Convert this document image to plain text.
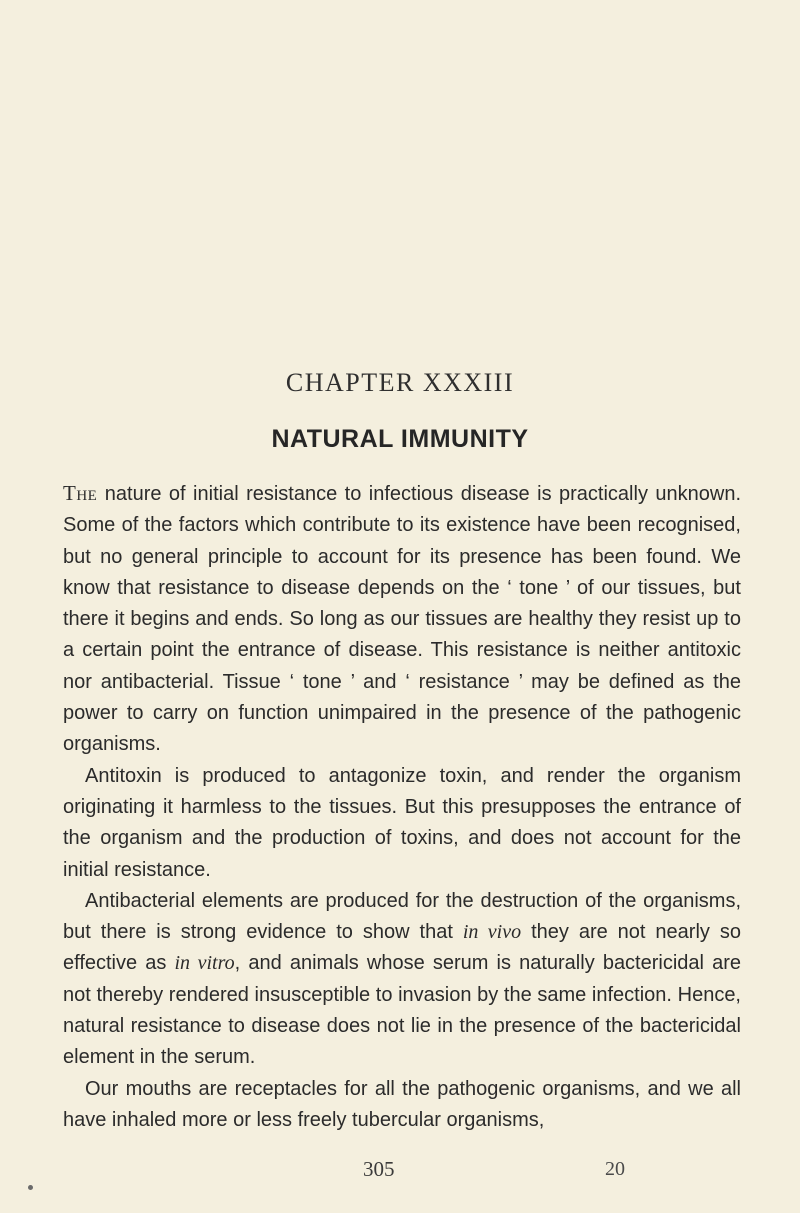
CHAPTER XXXIII
NATURAL IMMUNITY

The nature of initial resistance to infectious disease is practically unknown. Some of the factors which contribute to its existence have been recognised, but no general principle to account for its presence has been found. We know that resistance to disease depends on the ‘ tone ’ of our tissues, but there it begins and ends. So long as our tissues are healthy they resist up to a certain point the entrance of disease. This resistance is neither antitoxic nor antibacterial. Tissue ‘ tone ’ and ‘ resistance ’ may be defined as the power to carry on function unimpaired in the presence of the pathogenic organisms.

Antitoxin is produced to antagonize toxin, and render the organism originating it harmless to the tissues. But this presupposes the entrance of the organism and the production of toxins, and does not account for the initial resistance.

Antibacterial elements are produced for the destruction of the organisms, but there is strong evidence to show that in vivo they are not nearly so effective as in vitro, and animals whose serum is naturally bactericidal are not thereby rendered insusceptible to invasion by the same infection. Hence, natural resistance to disease does not lie in the presence of the bactericidal element in the serum.

Our mouths are receptacles for all the pathogenic organisms, and we all have inhaled more or less freely tubercular organisms,

305	20
